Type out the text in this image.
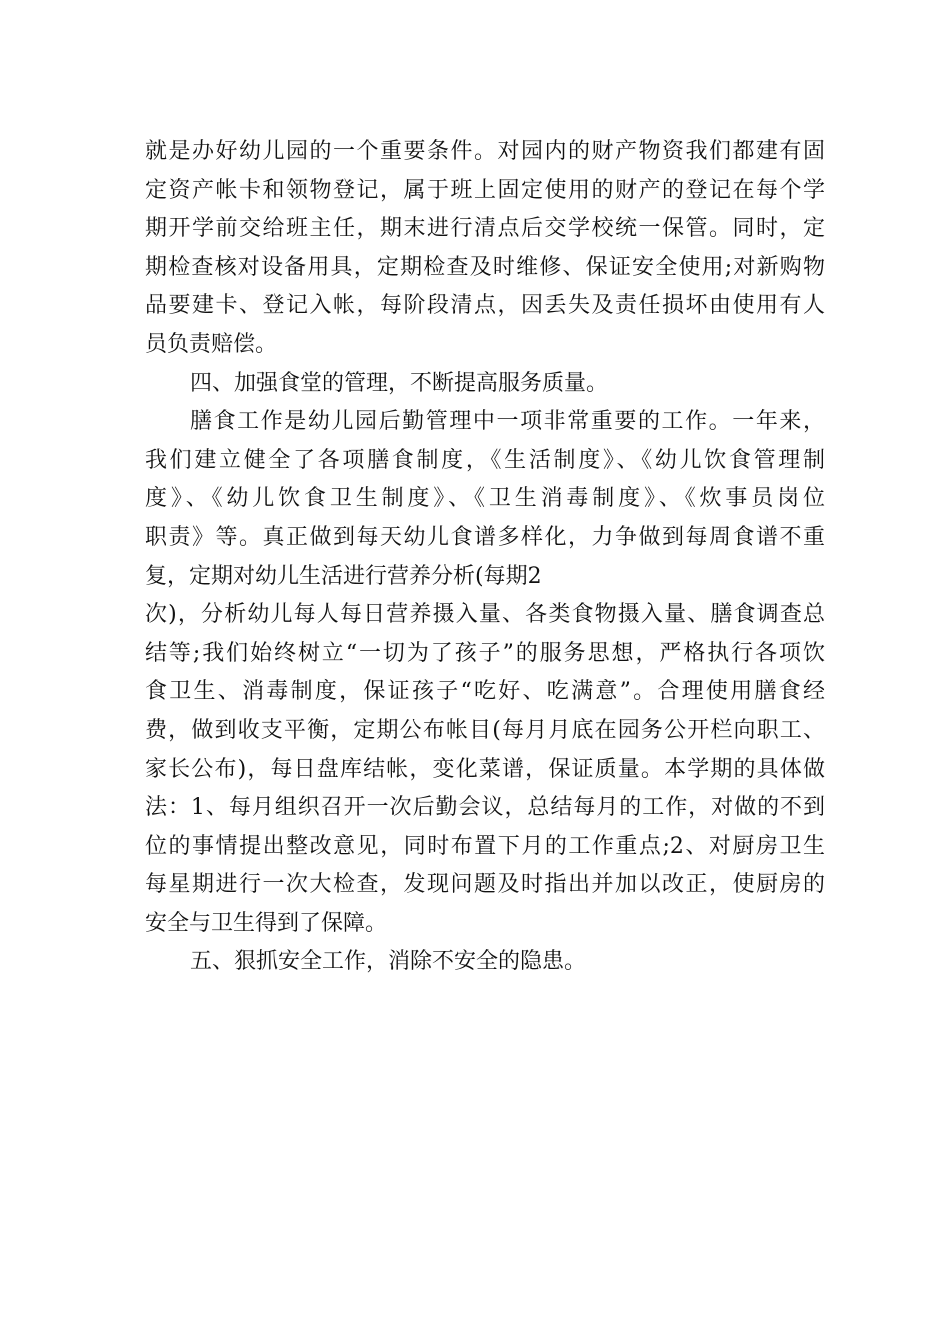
就是办好幼儿园的一个重要条件。对园内的财产物资我们都建有固

定资产帐卡和领物登记，属于班上固定使用的财产的登记在每个学

期开学前交给班主任，期末进行清点后交学校统一保管。同时，定

期检查核对设备用具，定期检查及时维修、保证安全使用;对新购物

品要建卡、登记入帐，每阶段清点，因丢失及责任损坏由使用有人

员负责赔偿。

四、加强食堂的管理，不断提高服务质量。

膳食工作是幼儿园后勤管理中一项非常重要的工作。一年来，

我们建立健全了各项膳食制度，《生活制度》、《幼儿饮食管理制

度》、《幼儿饮食卫生制度》、《卫生消毒制度》、《炊事员岗位

职责》等。真正做到每天幼儿食谱多样化，力争做到每周食谱不重

复，定期对幼儿生活进行营养分析(每期2

次)，分析幼儿每人每日营养摄入量、各类食物摄入量、膳食调查总

结等;我们始终树立“一切为了孩子”的服务思想，严格执行各项饮

食卫生、消毒制度，保证孩子“吃好、吃满意”。合理使用膳食经

费，做到收支平衡，定期公布帐目(每月月底在园务公开栏向职工、

家长公布)，每日盘库结帐，变化菜谱，保证质量。本学期的具体做

法：1、每月组织召开一次后勤会议，总结每月的工作，对做的不到

位的事情提出整改意见，同时布置下月的工作重点;2、对厨房卫生

每星期进行一次大检查，发现问题及时指出并加以改正，使厨房的

安全与卫生得到了保障。

五、狠抓安全工作，消除不安全的隐患。
